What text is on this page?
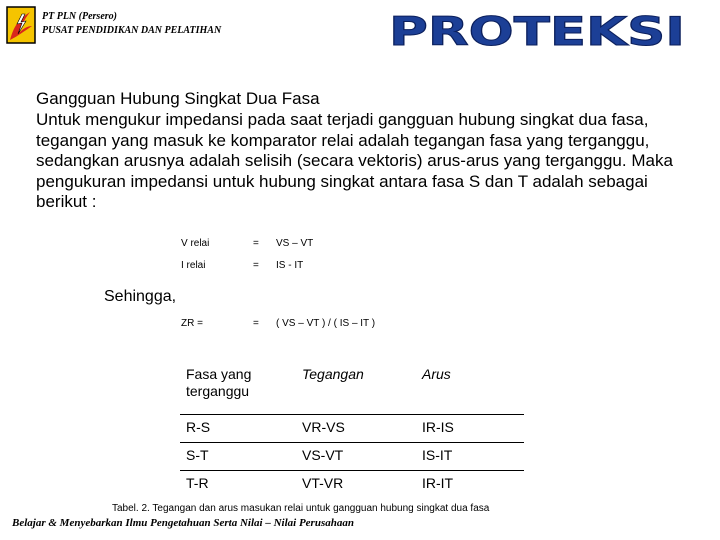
PT PLN (Persero)
PUSAT PENDIDIKAN DAN PELATIHAN	PROTEKSI
Gangguan Hubung Singkat Dua Fasa
Untuk mengukur impedansi pada saat terjadi gangguan hubung singkat dua fasa, tegangan yang masuk ke komparator relai adalah tegangan fasa yang terganggu, sedangkan arusnya adalah selisih (secara vektoris) arus-arus yang terganggu. Maka pengukuran impedansi untuk hubung singkat antara fasa S dan T adalah sebagai berikut :
V relai	= VS – VT
I relai	= IS - IT
Sehingga,
ZR =	= ( VS – VT ) / ( IS – IT )
Fasa yang terganggu	Tegangan	Arus
R-S	VR-VS	IR-IS
S-T	VS-VT	IS-IT
T-R	VT-VR	IR-IT
Tabel. 2. Tegangan dan arus masukan relai untuk gangguan hubung singkat dua fasa
Belajar & Menyebarkan Ilmu Pengetahuan Serta Nilai – Nilai Perusahaan
